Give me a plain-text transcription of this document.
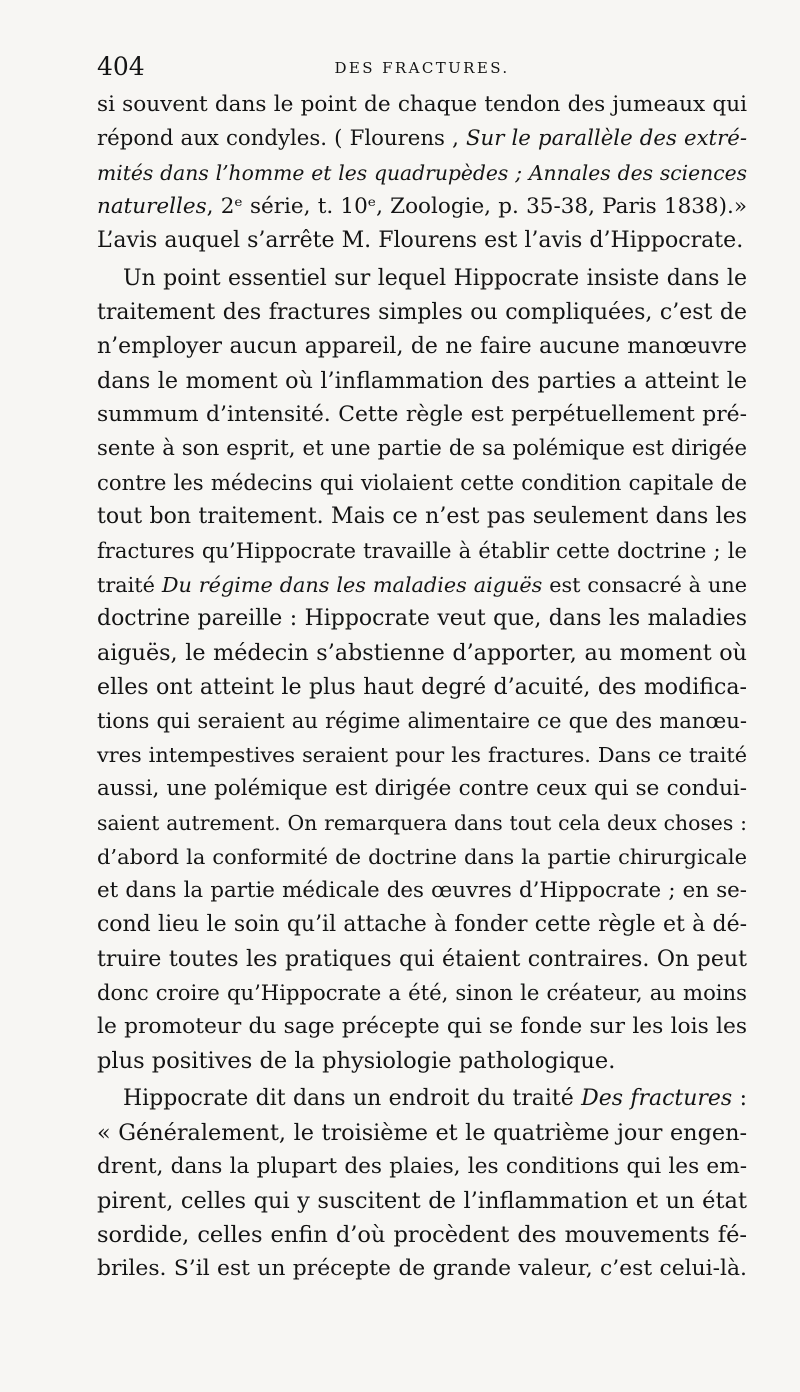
404	DES FRACTURES.
si souvent dans le point de chaque tendon des jumeaux qui
répond aux condyles. ( Flourens , Sur le parallèle des extré-
mités dans l’homme et les quadrupèdes ; Annales des sciences
naturelles, 2ᵉ série, t. 10ᵉ, Zoologie, p. 35-38, Paris 1838).»
L’avis auquel s’arrête M. Flourens est l’avis d’Hippocrate.
Un point essentiel sur lequel Hippocrate insiste dans le
traitement des fractures simples ou compliquées, c’est de
n’employer aucun appareil, de ne faire aucune manœuvre
dans le moment où l’inflammation des parties a atteint le
summum d’intensité. Cette règle est perpétuellement pré-
sente à son esprit, et une partie de sa polémique est dirigée
contre les médecins qui violaient cette condition capitale de
tout bon traitement. Mais ce n’est pas seulement dans les
fractures qu’Hippocrate travaille à établir cette doctrine ; le
traité Du régime dans les maladies aiguës est consacré à une
doctrine pareille : Hippocrate veut que, dans les maladies
aiguës, le médecin s’abstienne d’apporter, au moment où
elles ont atteint le plus haut degré d’acuité, des modifica-
tions qui seraient au régime alimentaire ce que des manœu-
vres intempestives seraient pour les fractures. Dans ce traité
aussi, une polémique est dirigée contre ceux qui se condui-
saient autrement. On remarquera dans tout cela deux choses :
d’abord la conformité de doctrine dans la partie chirurgicale
et dans la partie médicale des œuvres d’Hippocrate ; en se-
cond lieu le soin qu’il attache à fonder cette règle et à dé-
truire toutes les pratiques qui étaient contraires. On peut
donc croire qu’Hippocrate a été, sinon le créateur, au moins
le promoteur du sage précepte qui se fonde sur les lois les
plus positives de la physiologie pathologique.
Hippocrate dit dans un endroit du traité Des fractures :
« Généralement, le troisième et le quatrième jour engen-
drent, dans la plupart des plaies, les conditions qui les em-
pirent, celles qui y suscitent de l’inflammation et un état
sordide, celles enfin d’où procèdent des mouvements fé-
briles. S’il est un précepte de grande valeur, c’est celui-là.
